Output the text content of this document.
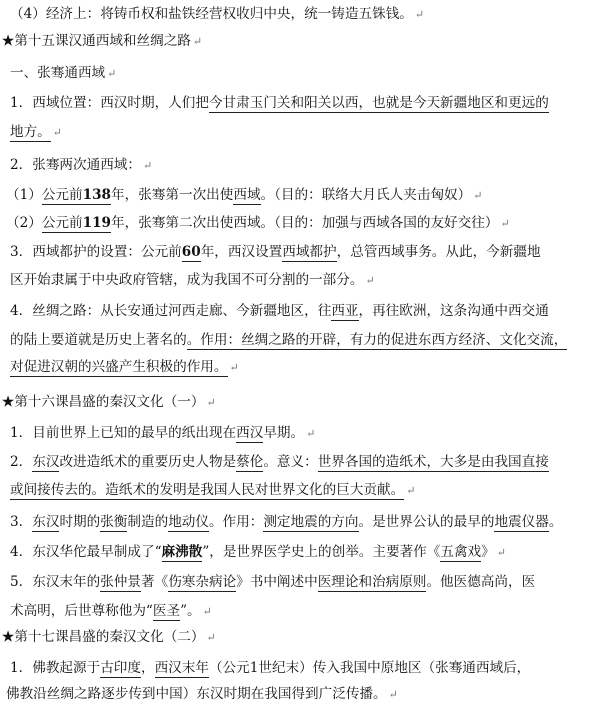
（4）经济上：将铸币权和盐铁经营权收归中央，统一铸造五铢钱。 ↵
★第十五课汉通西域和丝绸之路 ↵
一、张骞通西域 ↵
1．西域位置：西汉时期，人们把今甘肃玉门关和阳关以西，也就是今天新疆地区和更远的
地方。 ↵
2．张骞两次通西域： ↵
（1）公元前138年，张骞第一次出使西域。（目的：联络大月氏人夹击匈奴） ↵
（2）公元前119年，张骞第二次出使西域。（目的：加强与西域各国的友好交往） ↵
3．西域都护的设置：公元前60年，西汉设置西域都护，总管西域事务。从此，今新疆地
区开始隶属于中央政府管辖，成为我国不可分割的一部分。 ↵
4．丝绸之路：从长安通过河西走廊、今新疆地区，往西亚，再往欧洲，这条沟通中西交通
的陆上要道就是历史上著名的。作用：丝绸之路的开辟，有力的促进东西方经济、文化交流，
对促进汉朝的兴盛产生积极的作用。 ↵
★第十六课昌盛的秦汉文化（一） ↵
1．目前世界上已知的最早的纸出现在西汉早期。 ↵
2．东汉改进造纸术的重要历史人物是蔡伦。意义：世界各国的造纸术，大多是由我国直接
或间接传去的。造纸术的发明是我国人民对世界文化的巨大贡献。 ↵
3．东汉时期的张衡制造的地动仪。作用：测定地震的方向。是世界公认的最早的地震仪器。
4．东汉华佗最早制成了“麻沸散”，是世界医学史上的创举。主要著作《五禽戏》 ↵
5．东汉末年的张仲景著《伤寒杂病论》书中阐述中医理论和治病原则。他医德高尚，医
术高明，后世尊称他为“医圣”。 ↵
★第十七课昌盛的秦汉文化（二） ↵
1．佛教起源于古印度，西汉末年（公元1世纪末）传入我国中原地区（张骞通西域后，
佛教沿丝绸之路逐步传到中国）东汉时期在我国得到广泛传播。 ↵
